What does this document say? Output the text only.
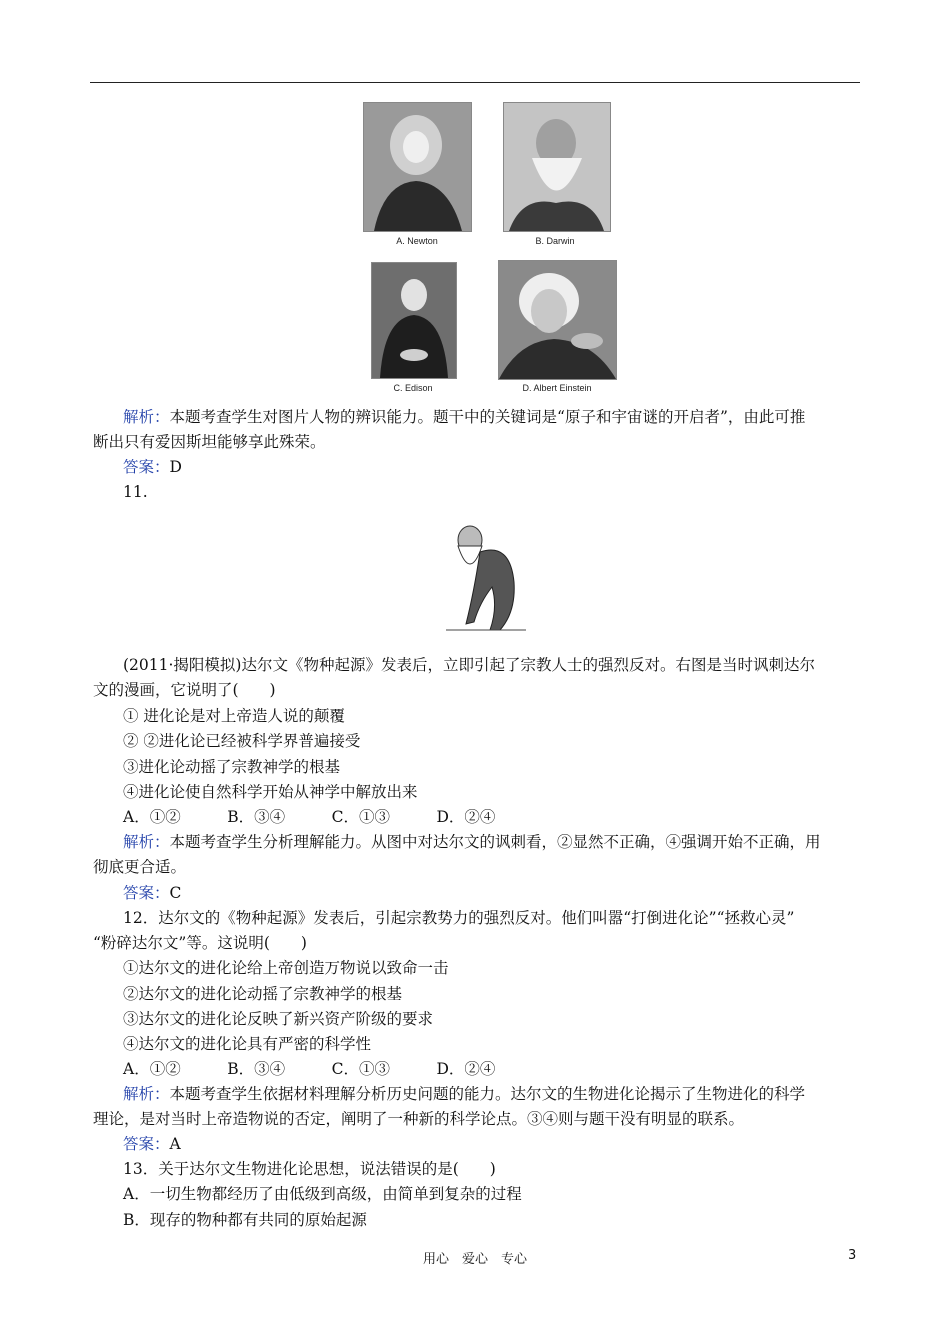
A. Newton	B. Darwin
C. Edison	D. Albert Einstein
解析：本题考查学生对图片人物的辨识能力。题干中的关键词是“原子和宇宙谜的开启者”，由此可推
断出只有爱因斯坦能够享此殊荣。
答案：D
11.
(2011·揭阳模拟)达尔文《物种起源》发表后，立即引起了宗教人士的强烈反对。右图是当时讽刺达尔
文的漫画，它说明了(　　)
① 进化论是对上帝造人说的颠覆
② ②进化论已经被科学界普遍接受
③进化论动摇了宗教神学的根基
④进化论使自然科学开始从神学中解放出来
A．①②　　　B．③④　　　C．①③　　　D．②④
解析：本题考查学生分析理解能力。从图中对达尔文的讽刺看，②显然不正确，④强调开始不正确，用
彻底更合适。
答案：C
12．达尔文的《物种起源》发表后，引起宗教势力的强烈反对。他们叫嚣“打倒进化论”“拯救心灵”
“粉碎达尔文”等。这说明(　　)
①达尔文的进化论给上帝创造万物说以致命一击
②达尔文的进化论动摇了宗教神学的根基
③达尔文的进化论反映了新兴资产阶级的要求
④达尔文的进化论具有严密的科学性
A．①②　　　B．③④　　　C．①③　　　D．②④
解析：本题考查学生依据材料理解分析历史问题的能力。达尔文的生物进化论揭示了生物进化的科学
理论，是对当时上帝造物说的否定，阐明了一种新的科学论点。③④则与题干没有明显的联系。
答案：A
13．关于达尔文生物进化论思想，说法错误的是(　　)
A．一切生物都经历了由低级到高级，由简单到复杂的过程
B．现存的物种都有共同的原始起源
用心　爱心　专心	3
